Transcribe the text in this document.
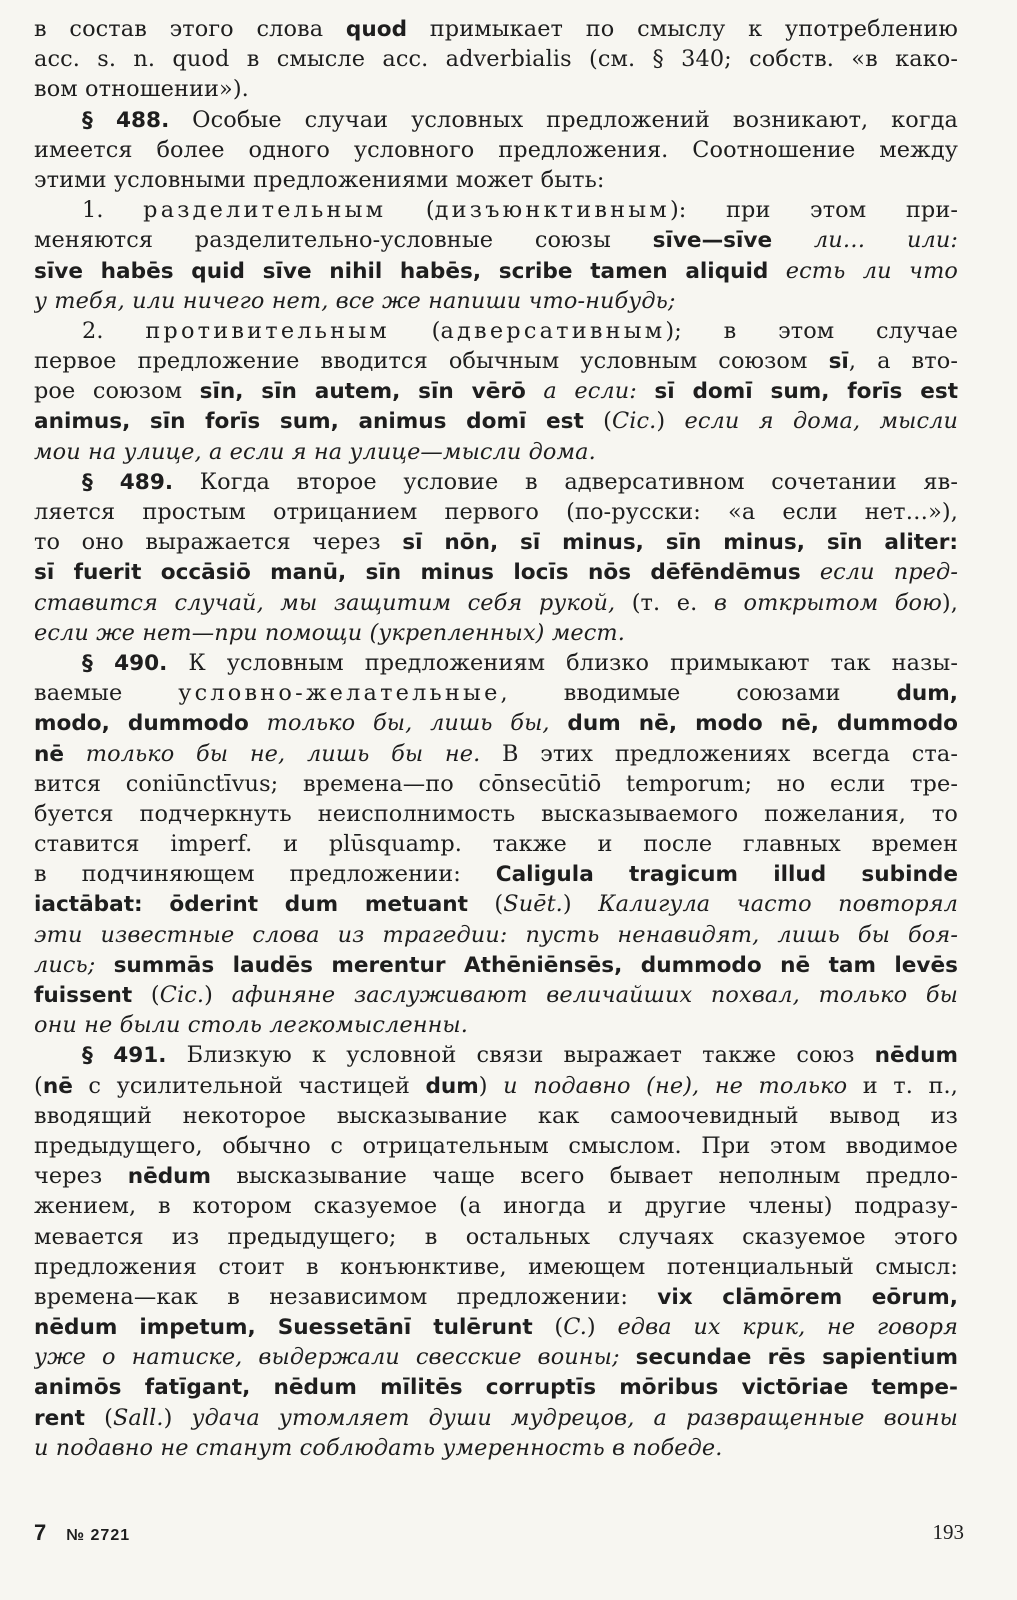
в состав этого слова quod примыкает по смыслу к употреблению
acc. s. n. quod в смысле acc. adverbialis (см. § 340; собств. «в како-
вом отношении»).
§ 488. Особые случаи условных предложений возникают, когда
имеется более одного условного предложения. Соотношение между
этими условными предложениями может быть:
1. разделительным (дизъюнктивным): при этом при-
меняются разделительно-условные союзы sīve—sīve ли… или:
sīve habēs quid sīve nihil habēs, scribe tamen aliquid есть ли что
у тебя, или ничего нет, все же напиши что-нибудь;
2. противительным (адверсативным); в этом случае
первое предложение вводится обычным условным союзом sī, а вто-
рое союзом sīn, sīn autem, sīn vērō а если: sī domī sum, forīs est
animus, sīn forīs sum, animus domī est (Cic.) если я дома, мысли
мои на улице, а если я на улице—мысли дома.
§ 489. Когда второе условие в адверсативном сочетании яв-
ляется простым отрицанием первого (по-русски: «а если нет…»),
то оно выражается через sī nōn, sī minus, sīn minus, sīn aliter:
sī fuerit occāsiō manū, sīn minus locīs nōs dēfēndēmus если пред-
ставится случай, мы защитим себя рукой, (т. е. в открытом бою),
если же нет—при помощи (укрепленных) мест.
§ 490. К условным предложениям близко примыкают так назы-
ваемые условно-желательные, вводимые союзами dum,
modo, dummodo только бы, лишь бы, dum nē, modo nē, dummodo
nē только бы не, лишь бы не. В этих предложениях всегда ста-
вится coniūnctīvus; времена—по cōnsecūtiō temporum; но если тре-
буется подчеркнуть неисполнимость высказываемого пожелания, то
ставится imperf. и plūsquamp. также и после главных времен
в подчиняющем предложении: Caligula tragicum illud subinde
iactābat: ōderint dum metuant (Suēt.) Калигула часто повторял
эти известные слова из трагедии: пусть ненавидят, лишь бы боя-
лись; summās laudēs merentur Athēniēnsēs, dummodo nē tam levēs
fuissent (Cic.) афиняне заслуживают величайших похвал, только бы
они не были столь легкомысленны.
§ 491. Близкую к условной связи выражает также союз nēdum
(nē с усилительной частицей dum) и подавно (не), не только и т. п.,
вводящий некоторое высказывание как самоочевидный вывод из
предыдущего, обычно с отрицательным смыслом. При этом вводимое
через nēdum высказывание чаще всего бывает неполным предло-
жением, в котором сказуемое (а иногда и другие члены) подразу-
мевается из предыдущего; в остальных случаях сказуемое этого
предложения стоит в конъюнктиве, имеющем потенциальный смысл:
времена—как в независимом предложении: vix clāmōrem eōrum,
nēdum impetum, Suessetānī tulērunt (C.) едва их крик, не говоря
уже о натиске, выдержали свесские воины; secundae rēs sapientium
animōs fatīgant, nēdum mīlitēs corruptīs mōribus victōriae tempe-
rent (Sall.) удача утомляет души мудрецов, а развращенные воины
и подавно не станут соблюдать умеренность в победе.
7 № 2721	193
